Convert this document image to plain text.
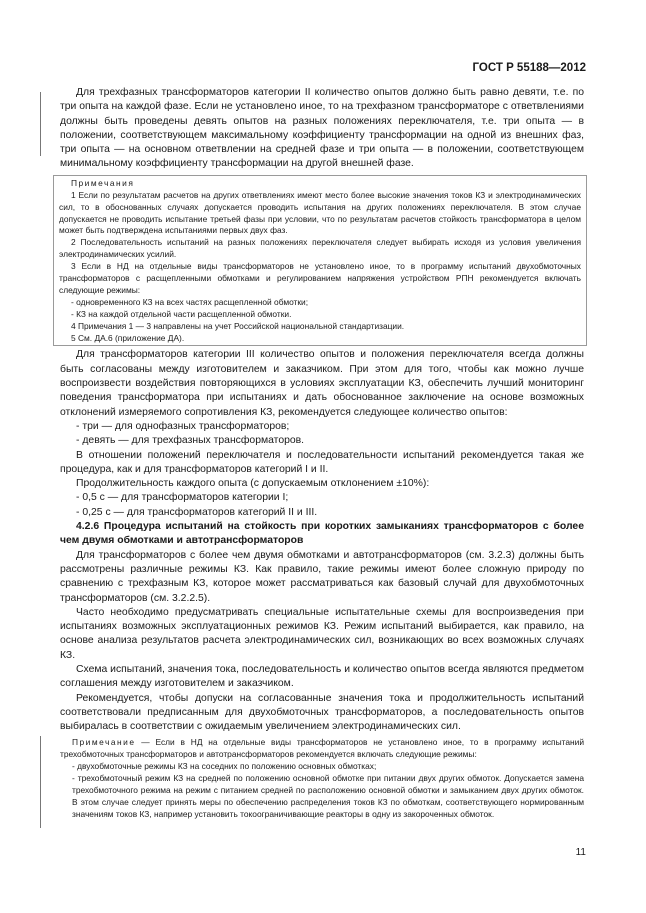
ГОСТ Р 55188—2012

Для трехфазных трансформаторов категории II количество опытов должно быть равно девяти, т.е. по три опыта на каждой фазе. Если не установлено иное, то на трехфазном трансформаторе с ответвлениями должны быть проведены девять опытов на разных положениях переключателя, т.е. три опыта — в положении, соответствующем максимальному коэффициенту трансформации на одной из внешних фаз, три опыта — на основном ответвлении на средней фазе и три опыта — в положении, соответствующем минимальному коэффициенту трансформации на другой внешней фазе.

Примечания

1 Если по результатам расчетов на других ответвлениях имеют место более высокие значения токов КЗ и электродинамических сил, то в обоснованных случаях допускается проводить испытания на других положениях переключателя. В этом случае допускается не проводить испытание третьей фазы при условии, что по результатам расчетов стойкость трансформатора в целом может быть подтверждена испытаниями первых двух фаз.

2 Последовательность испытаний на разных положениях переключателя следует выбирать исходя из условия увеличения электродинамических усилий.

3 Если в НД на отдельные виды трансформаторов не установлено иное, то в программу испытаний двухобмоточных трансформаторов с расщепленными обмотками и регулированием напряжения устройством РПН рекомендуется включать следующие режимы:

- одновременного КЗ на всех частях расщепленной обмотки;

- КЗ на каждой отдельной части расщепленной обмотки.

4 Примечания 1 — 3 направлены на учет Российской национальной стандартизации.

5 См. ДА.6 (приложение ДА).

Для трансформаторов категории III количество опытов и положения переключателя всегда должны быть согласованы между изготовителем и заказчиком. При этом для того, чтобы как можно лучше воспроизвести воздействия повторяющихся в условиях эксплуатации КЗ, обеспечить лучший мониторинг поведения трансформатора при испытаниях и дать обоснованное заключение на основе возможных отклонений измеряемого сопротивления КЗ, рекомендуется следующее количество опытов:

- три — для однофазных трансформаторов;

- девять — для трехфазных трансформаторов.

В отношении положений переключателя и последовательности испытаний рекомендуется такая же процедура, как и для трансформаторов категорий I и II.

Продолжительность каждого опыта (с допускаемым отклонением ±10%):

- 0,5 с — для трансформаторов категории I;

- 0,25 с — для трансформаторов категорий II и III.

4.2.6 Процедура испытаний на стойкость при коротких замыканиях трансформаторов с более чем двумя обмотками и автотрансформаторов

Для трансформаторов с более чем двумя обмотками и автотрансформаторов (см. 3.2.3) должны быть рассмотрены различные режимы КЗ. Как правило, такие режимы имеют более сложную природу по сравнению с трехфазным КЗ, которое может рассматриваться как базовый случай для двухобмоточных трансформаторов (см. 3.2.2.5).

Часто необходимо предусматривать специальные испытательные схемы для воспроизведения при испытаниях возможных эксплуатационных режимов КЗ. Режим испытаний выбирается, как правило, на основе анализа результатов расчета электродинамических сил, возникающих во всех возможных случаях КЗ.

Схема испытаний, значения тока, последовательность и количество опытов всегда являются предметом соглашения между изготовителем и заказчиком.

Рекомендуется, чтобы допуски на согласованные значения тока и продолжительность испытаний соответствовали предписанным для двухобмоточных трансформаторов, а последовательность опытов выбиралась в соответствии с ожидаемым увеличением электродинамических сил.

Примечание — Если в НД на отдельные виды трансформаторов не установлено иное, то в программу испытаний трехобмоточных трансформаторов и автотрансформаторов рекомендуется включать следующие режимы:

- двухобмоточные режимы КЗ на соседних по положению основных обмотках;

- трехобмоточный режим КЗ на средней по положению основной обмотке при питании двух других обмоток. Допускается замена трехобмоточного режима на режим с питанием средней по расположению основной обмотки и замыканием двух других обмоток. В этом случае следует принять меры по обеспечению распределения токов КЗ по обмоткам, соответствующего нормированным значениям токов КЗ, например установить токоограничивающие реакторы в одну из закороченных обмоток.

11
